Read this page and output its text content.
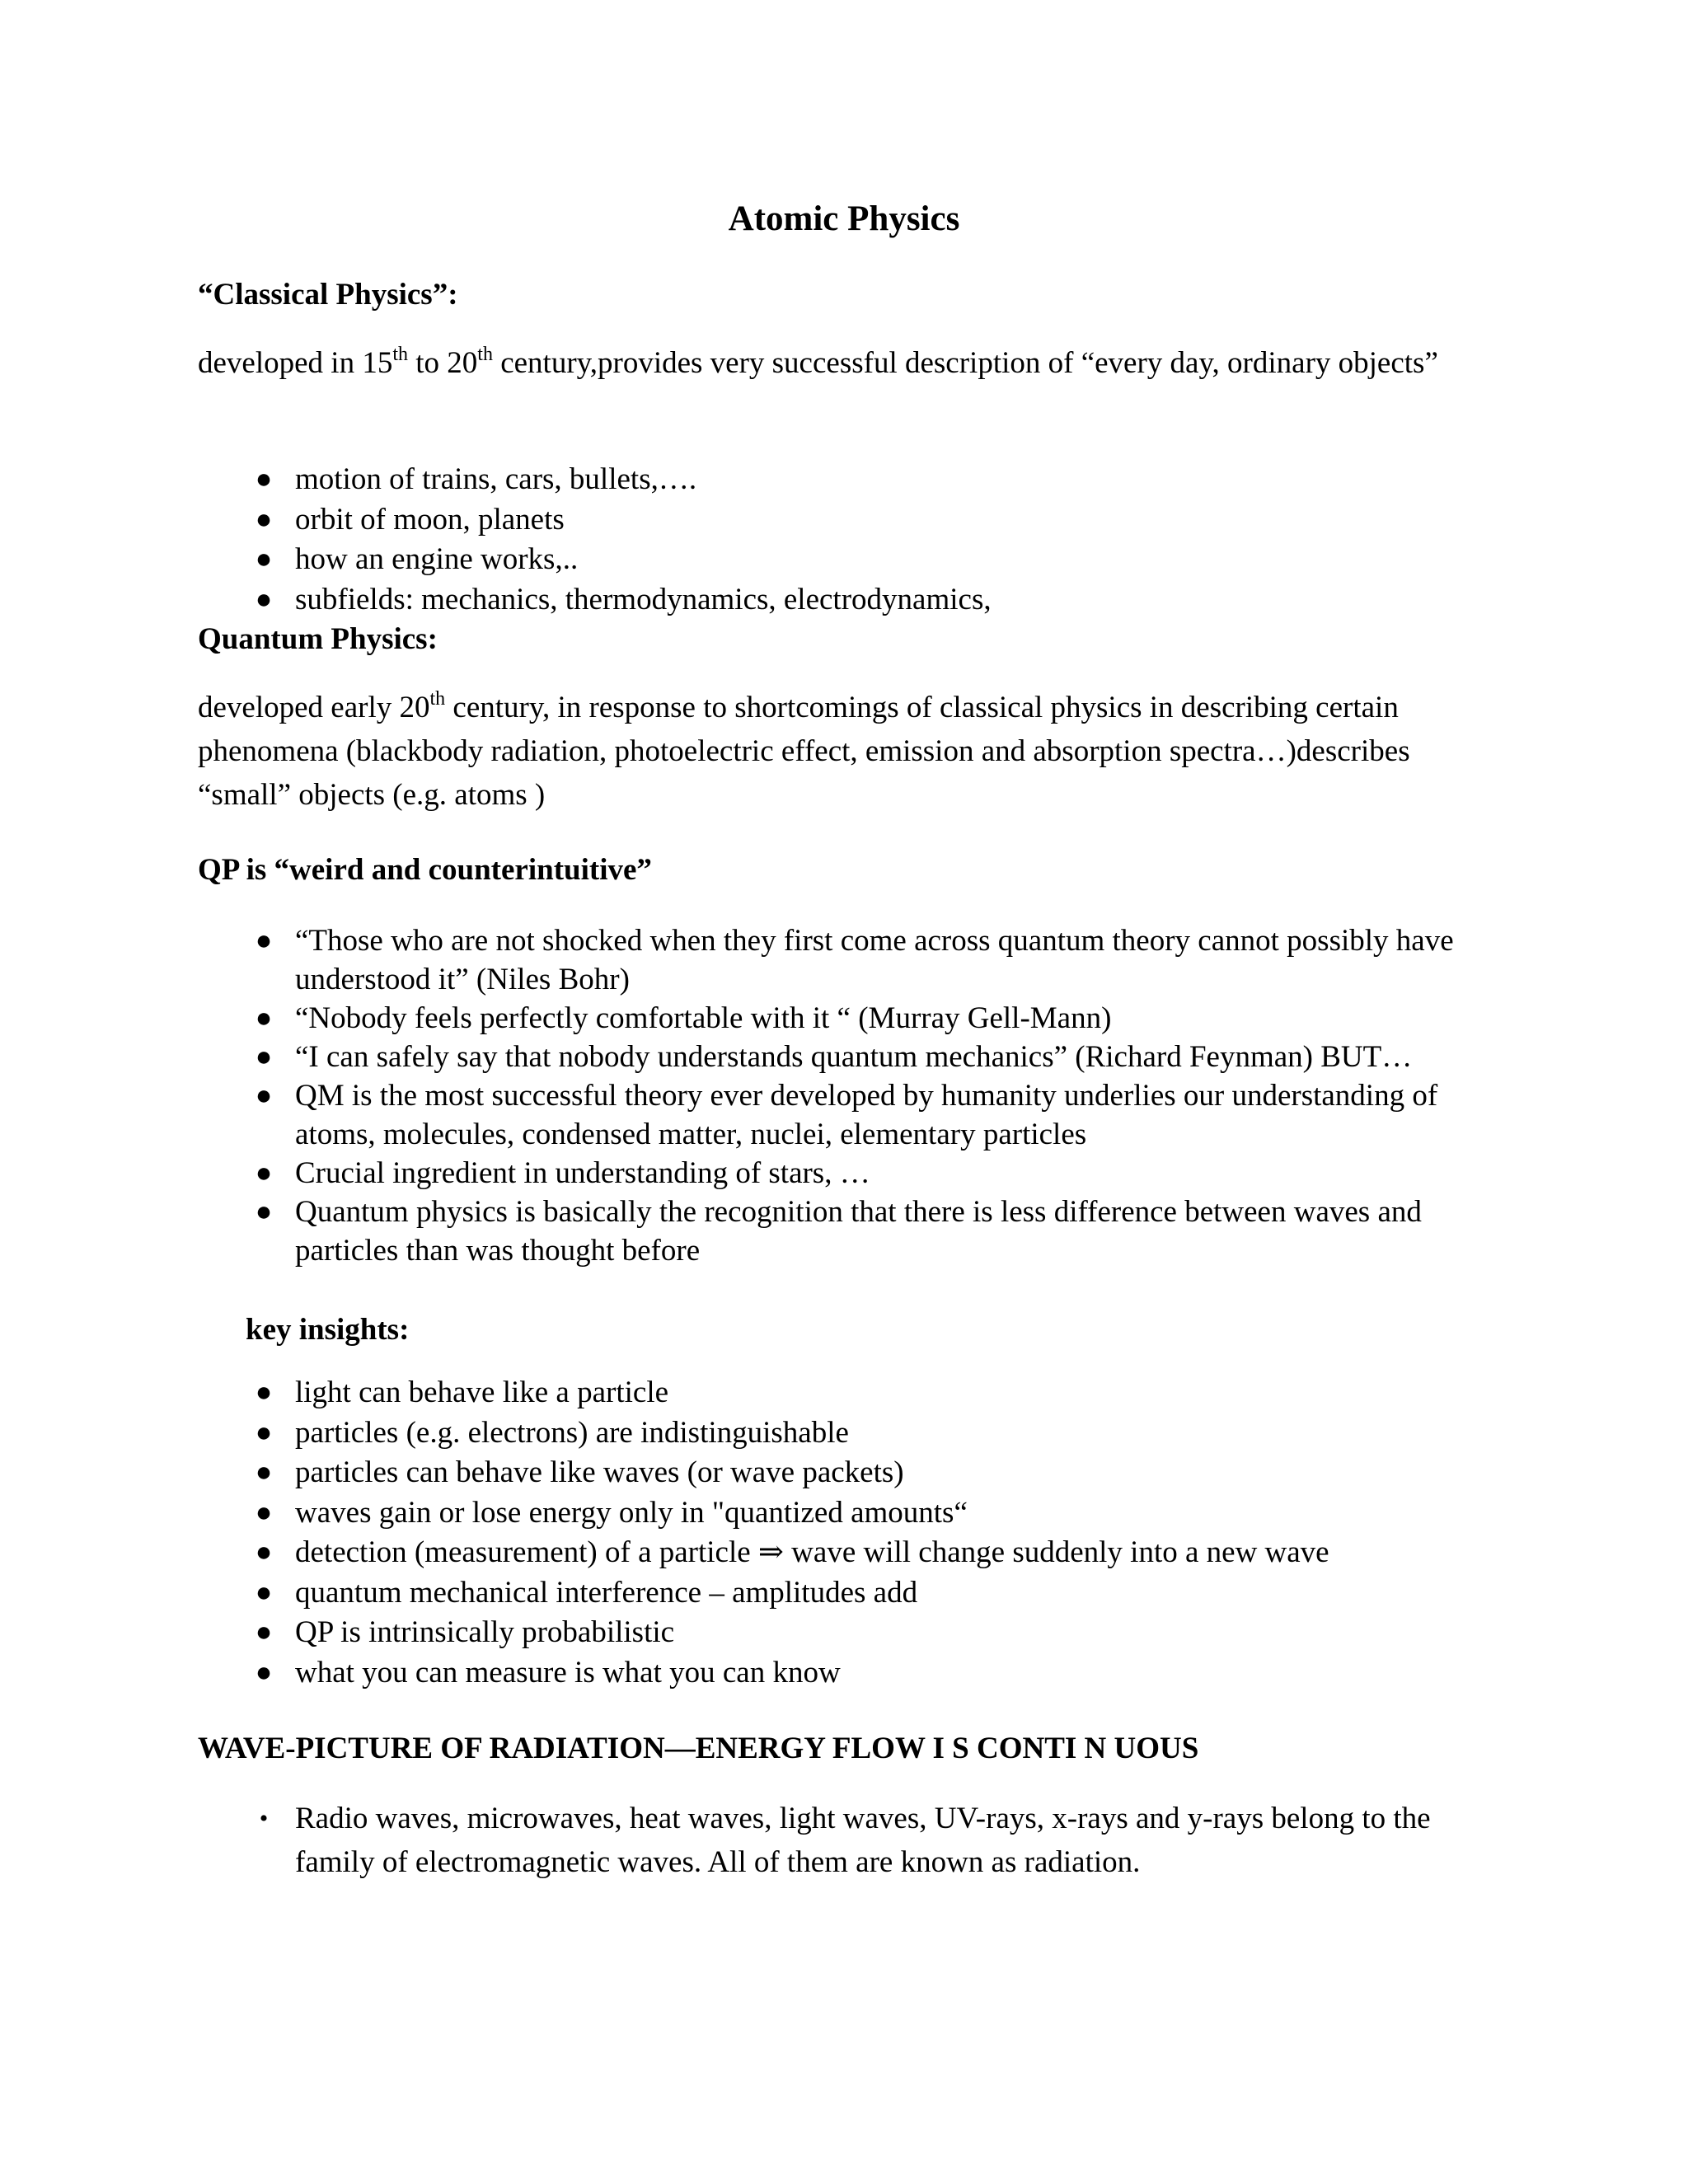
Atomic Physics
“Classical Physics”:
developed in 15th to 20th century,provides very successful description of “every day, ordinary objects”
● motion of trains, cars, bullets,….
● orbit of moon, planets
● how an engine works,..
● subfields: mechanics, thermodynamics, electrodynamics,
Quantum Physics:
developed early 20th century, in response to shortcomings of classical physics in describing certain phenomena (blackbody radiation, photoelectric effect, emission and absorption spectra…)describes “small” objects (e.g. atoms )
QP is “weird and counterintuitive”
● “Those who are not shocked when they first come across quantum theory cannot possibly have understood it” (Niles Bohr)
● “Nobody feels perfectly comfortable with it “ (Murray Gell-Mann)
● “I can safely say that nobody understands quantum mechanics” (Richard Feynman) BUT…
● QM is the most successful theory ever developed by humanity underlies our understanding of atoms, molecules, condensed matter, nuclei, elementary particles
● Crucial ingredient in understanding of stars, …
● Quantum physics is basically the recognition that there is less difference between waves and particles than was thought before
key insights:
● light can behave like a particle
● particles (e.g. electrons) are indistinguishable
● particles can behave like waves (or wave packets)
● waves gain or lose energy only in "quantized amounts“
● detection (measurement) of a particle ⇒ wave will change suddenly into a new wave
● quantum mechanical interference – amplitudes add
● QP is intrinsically probabilistic
● what you can measure is what you can know
WAVE-PICTURE OF RADIATION—ENERGY FLOW I S CONTI N UOUS
• Radio waves, microwaves, heat waves, light waves, UV-rays, x-rays and y-rays belong to the family of electromagnetic waves. All of them are known as radiation.
